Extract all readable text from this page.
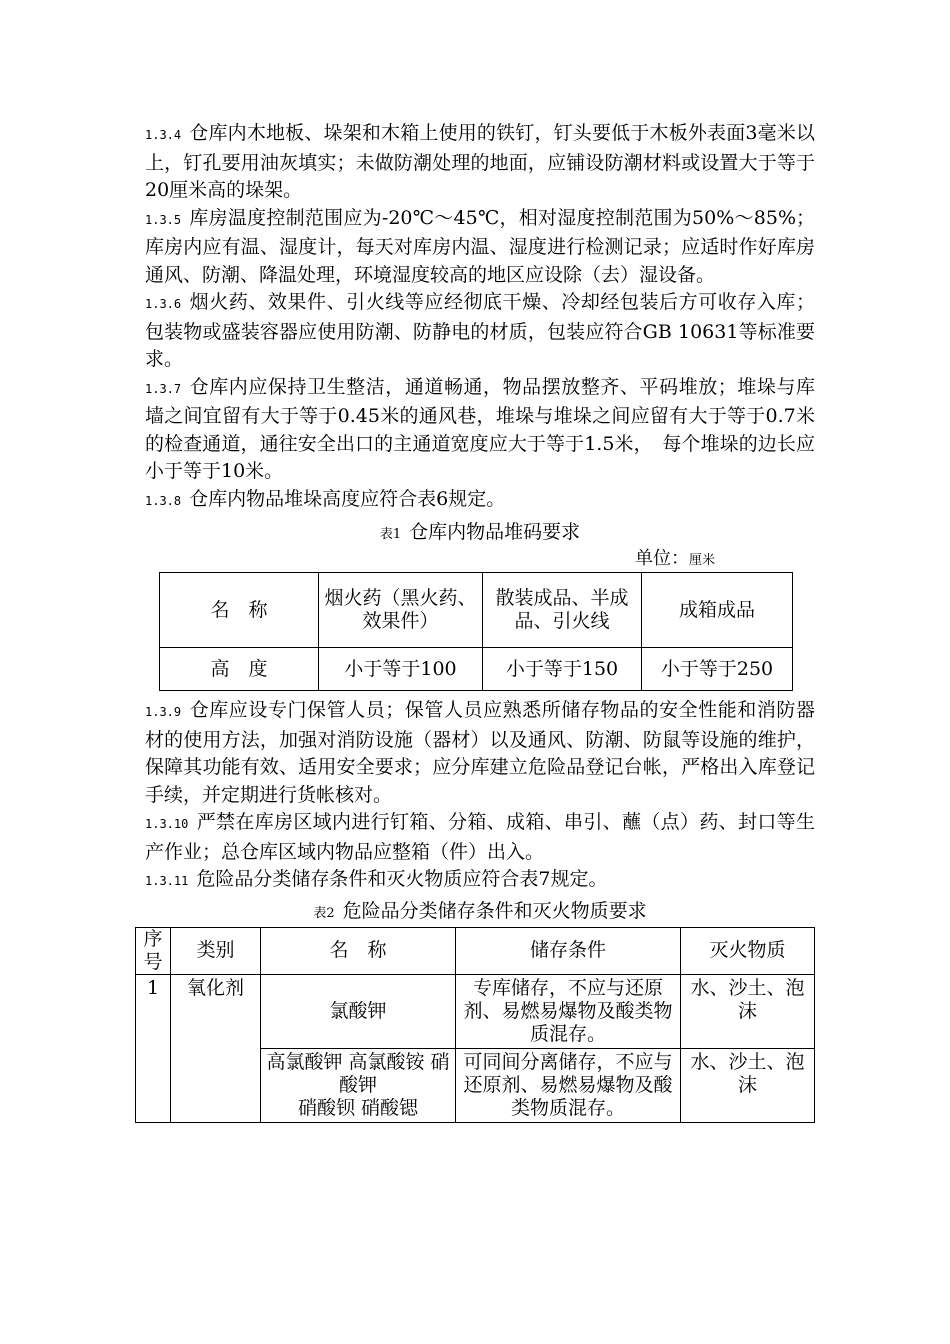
1.3.4 仓库内木地板、垛架和木箱上使用的铁钉，钉头要低于木板外表面3毫米以上，钉孔要用油灰填实；未做防潮处理的地面，应铺设防潮材料或设置大于等于20厘米高的垛架。

1.3.5 库房温度控制范围应为-20℃～45℃，相对湿度控制范围为50%～85%；库房内应有温、湿度计，每天对库房内温、湿度进行检测记录；应适时作好库房通风、防潮、降温处理，环境湿度较高的地区应设除（去）湿设备。

1.3.6 烟火药、效果件、引火线等应经彻底干燥、冷却经包装后方可收存入库；包装物或盛装容器应使用防潮、防静电的材质，包装应符合GB 10631等标准要求。

1.3.7 仓库内应保持卫生整洁，通道畅通，物品摆放整齐、平码堆放；堆垛与库墙之间宜留有大于等于0.45米的通风巷，堆垛与堆垛之间应留有大于等于0.7米的检查通道，通往安全出口的主通道宽度应大于等于1.5米，　每个堆垛的边长应小于等于10米。

1.3.8 仓库内物品堆垛高度应符合表6规定。

表1 仓库内物品堆码要求
单位：厘米
名　称	烟火药（黑火药、效果件）	散装成品、半成
品、引火线	成箱成品
高　度	小于等于100	小于等于150	小于等于250

1.3.9 仓库应设专门保管人员；保管人员应熟悉所储存物品的安全性能和消防器材的使用方法，加强对消防设施（器材）以及通风、防潮、防鼠等设施的维护，保障其功能有效、适用安全要求；应分库建立危险品登记台帐，严格出入库登记手续，并定期进行货帐核对。

1.3.10 严禁在库房区域内进行钉箱、分箱、成箱、串引、蘸（点）药、封口等生产作业；总仓库区域内物品应整箱（件）出入。

1.3.11 危险品分类储存条件和灭火物质应符合表7规定。

表2 危险品分类储存条件和灭火物质要求
序号	类别	名　称	储存条件	灭火物质
1	氧化剂	氯酸钾	专库储存，不应与还原剂、易燃易爆物及酸类物质混存。	水、沙土、泡沫
		高氯酸钾 高氯酸铵 硝酸钾
硝酸钡 硝酸锶	可同间分离储存，不应与还原剂、易燃易爆物及酸类物质混存。	水、沙土、泡沫
